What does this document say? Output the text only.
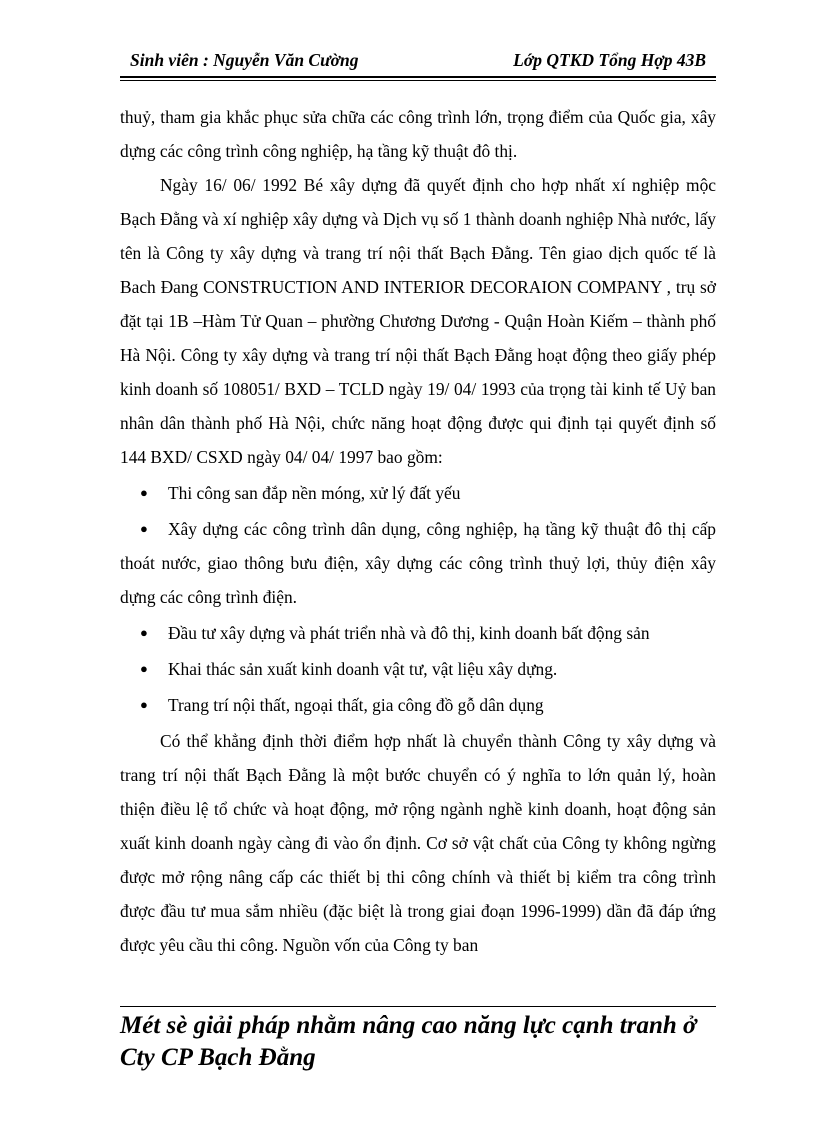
Sinh viên : Nguyễn Văn Cường	Lớp QTKD Tổng Hợp 43B

thuỷ, tham gia khắc phục sửa chữa các công trình lớn, trọng điểm của Quốc gia, xây dựng các công trình công nghiệp, hạ tầng kỹ thuật đô thị.

Ngày 16/ 06/ 1992 Bé xây dựng đã quyết định cho hợp nhất xí nghiệp mộc Bạch Đằng và xí nghiệp xây dựng và Dịch vụ số 1 thành doanh nghiệp Nhà nước, lấy tên là Công ty xây dựng và trang trí nội thất Bạch Đằng. Tên giao dịch quốc tế là Bach Đang CONSTRUCTION AND INTERIOR DECORAION COMPANY , trụ sở đặt tại 1B –Hàm Tử Quan – phường Chương Dương - Quận Hoàn Kiếm – thành phố Hà Nội. Công ty xây dựng và trang trí nội thất Bạch Đằng hoạt động theo giấy phép kinh doanh số 108051/ BXD – TCLD ngày 19/ 04/ 1993 của trọng tài kinh tế Uỷ ban nhân dân thành phố Hà Nội, chức năng hoạt động được qui định tại quyết định số 144 BXD/ CSXD ngày 04/ 04/ 1997 bao gồm:

● Thi công san đắp nền móng, xử lý đất yếu
● Xây dựng các công trình dân dụng, công nghiệp, hạ tầng kỹ thuật đô thị cấp thoát nước, giao thông bưu điện, xây dựng các công trình thuỷ lợi, thủy điện xây dựng các công trình điện.
● Đầu tư xây dựng và phát triển nhà và đô thị, kinh doanh bất động sản
● Khai thác sản xuất kinh doanh vật tư, vật liệu xây dựng.
● Trang trí nội thất, ngoại thất, gia công đồ gỗ dân dụng

Có thể khẳng định thời điểm hợp nhất là chuyển thành Công ty xây dựng và trang trí nội thất Bạch Đằng là một bước chuyển có ý nghĩa to lớn quản lý, hoàn thiện điều lệ tổ chức và hoạt động, mở rộng ngành nghề kinh doanh, hoạt động sản xuất kinh doanh ngày càng đi vào ổn định. Cơ sở vật chất của Công ty không ngừng được mở rộng nâng cấp các thiết bị thi công chính và thiết bị kiểm tra công trình được đầu tư mua sắm nhiều (đặc biệt là trong giai đoạn 1996-1999) dần đã đáp ứng được yêu cầu thi công. Nguồn vốn của Công ty ban

Mét sè giải pháp nhằm nâng cao năng lực cạnh tranh ở Cty CP Bạch Đằng
